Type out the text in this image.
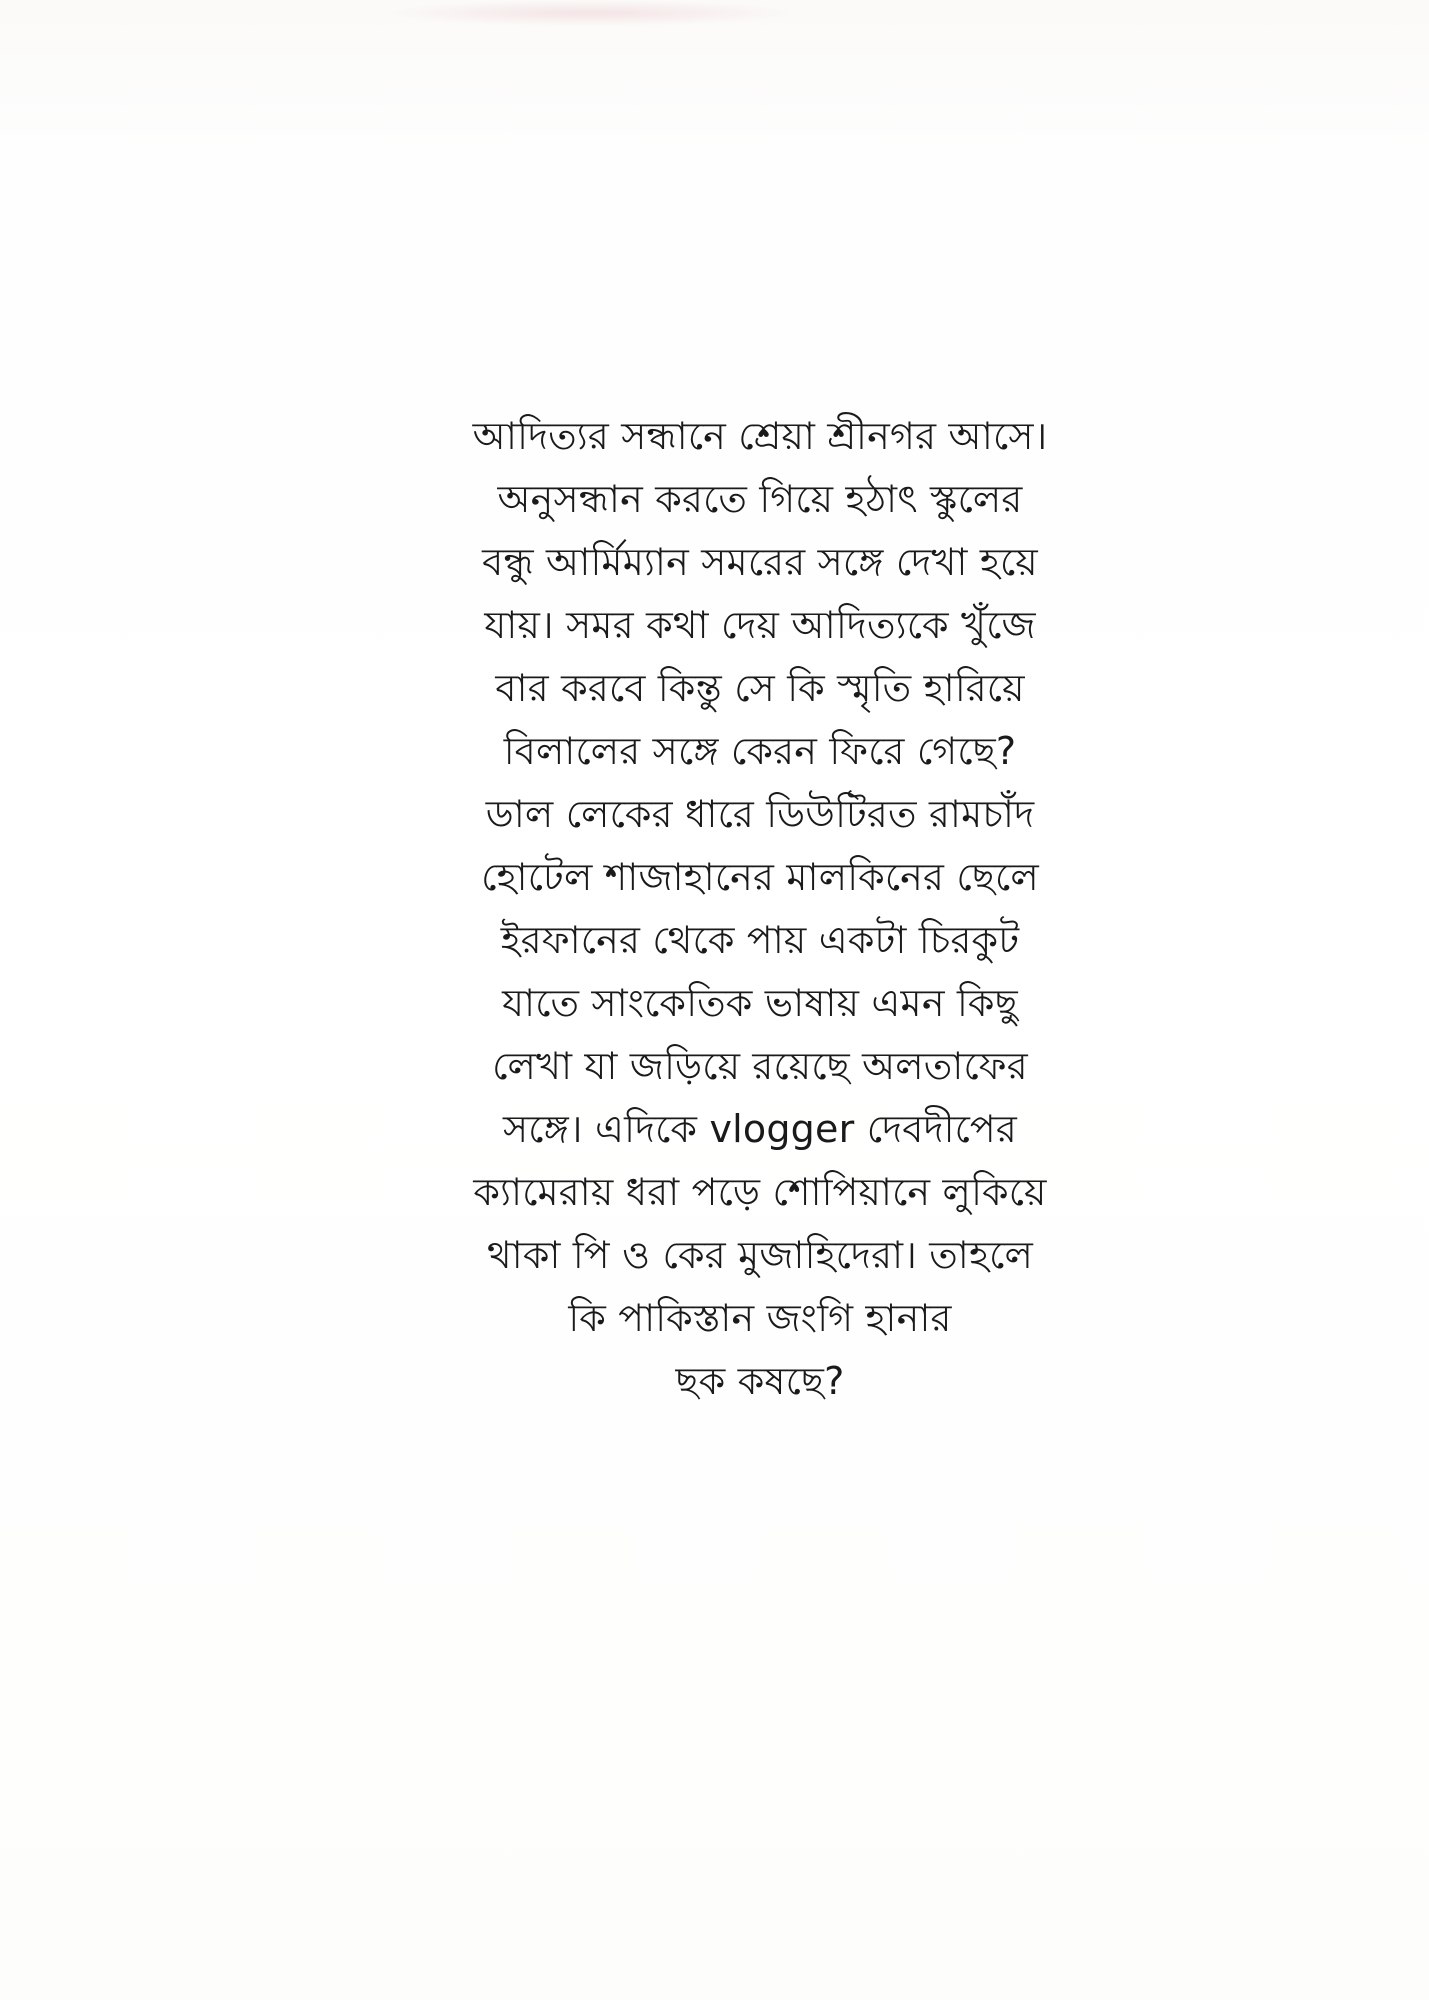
আদিত্যর সন্ধানে শ্রেয়া শ্রীনগর আসে।
অনুসন্ধান করতে গিয়ে হঠাৎ স্কুলের
বন্ধু আর্মিম্যান সমরের সঙ্গে দেখা হয়ে
যায়। সমর কথা দেয় আদিত্যকে খুঁজে
বার করবে কিন্তু সে কি স্মৃতি হারিয়ে
বিলালের সঙ্গে কেরন ফিরে গেছে?
ডাল লেকের ধারে ডিউটিরত রামচাঁদ
হোটেল শাজাহানের মালকিনের ছেলে
ইরফানের থেকে পায় একটা চিরকুট
যাতে সাংকেতিক ভাষায় এমন কিছু
লেখা যা জড়িয়ে রয়েছে অলতাফের
সঙ্গে। এদিকে vlogger দেবদীপের
ক্যামেরায় ধরা পড়ে শোপিয়ানে লুকিয়ে
থাকা পি ও কের মুজাহিদেরা। তাহলে
কি পাকিস্তান জংগি হানার
ছক কষছে?
